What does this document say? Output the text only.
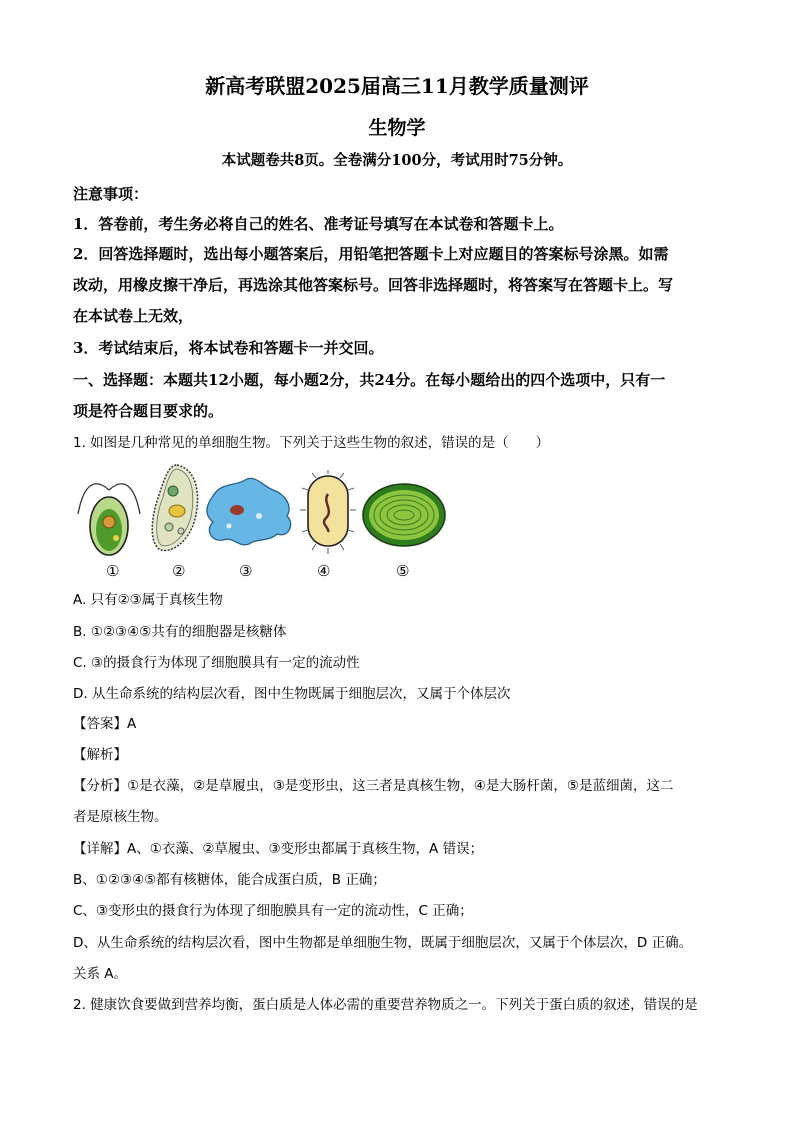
新高考联盟2025届高三11月教学质量测评
生物学
本试题卷共8页。全卷满分100分，考试用时75分钟。
注意事项：
1．答卷前，考生务必将自己的姓名、准考证号填写在本试卷和答题卡上。
2．回答选择题时，选出每小题答案后，用铅笔把答题卡上对应题目的答案标号涂黑。如需
改动，用橡皮擦干净后，再选涂其他答案标号。回答非选择题时，将答案写在答题卡上。写
在本试卷上无效，
3．考试结束后，将本试卷和答题卡一并交回。
一、选择题：本题共12小题，每小题2分，共24分。在每小题给出的四个选项中，只有一
项是符合题目要求的。
1. 如图是几种常见的单细胞生物。下列关于这些生物的叙述，错误的是（　　）
①	②	③	④	⑤
A. 只有②③属于真核生物
B. ①②③④⑤共有的细胞器是核糖体
C. ③的摄食行为体现了细胞膜具有一定的流动性
D. 从生命系统的结构层次看，图中生物既属于细胞层次，又属于个体层次
【答案】A
【解析】
【分析】①是衣藻，②是草履虫，③是变形虫，这三者是真核生物，④是大肠杆菌，⑤是蓝细菌，这二
者是原核生物。
【详解】A、①衣藻、②草履虫、③变形虫都属于真核生物，A 错误；
B、①②③④⑤都有核糖体，能合成蛋白质，B 正确；
C、③变形虫的摄食行为体现了细胞膜具有一定的流动性，C 正确；
D、从生命系统的结构层次看，图中生物都是单细胞生物，既属于细胞层次，又属于个体层次，D 正确。
关系 A。
2. 健康饮食要做到营养均衡，蛋白质是人体必需的重要营养物质之一。下列关于蛋白质的叙述，错误的是
